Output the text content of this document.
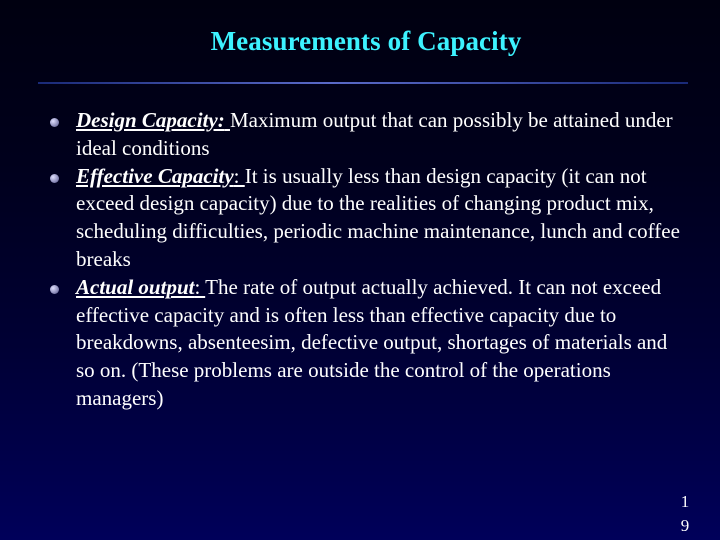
Measurements of Capacity
Design Capacity: Maximum output that can possibly be attained under ideal conditions
Effective Capacity: It is usually less than design capacity (it can not exceed design capacity) due to the realities of changing product mix, scheduling difficulties, periodic machine maintenance, lunch and coffee breaks
Actual output: The rate of output actually achieved. It can not exceed effective capacity and is often less than effective capacity due to breakdowns, absenteesim, defective output, shortages of materials and so on. (These problems are outside the control of the operations managers)
1
9
